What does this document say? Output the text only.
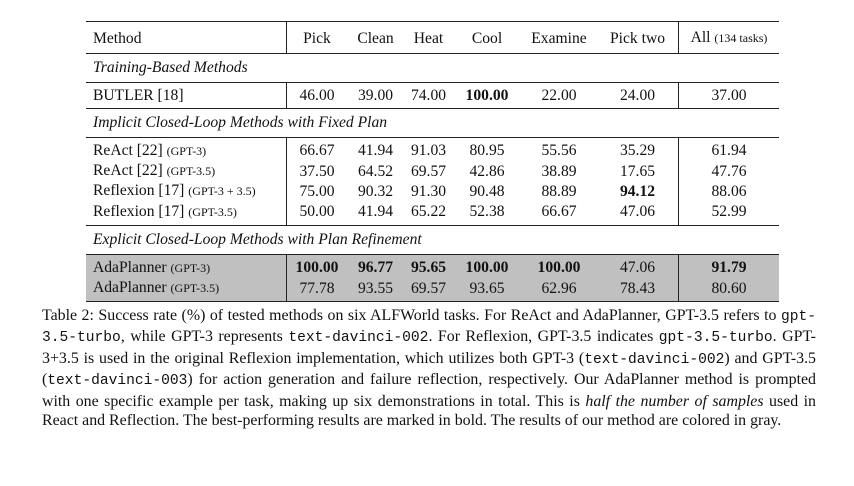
Method	Pick	Clean	Heat	Cool	Examine	Pick two	All (134 tasks)
Training-Based Methods							
BUTLER [18]	46.00	39.00	74.00	100.00	22.00	24.00	37.00
Implicit Closed-Loop Methods with Fixed Plan							
ReAct [22] (GPT-3)	66.67	41.94	91.03	80.95	55.56	35.29	61.94
ReAct [22] (GPT-3.5)	37.50	64.52	69.57	42.86	38.89	17.65	47.76
Reflexion [17] (GPT-3 + 3.5)	75.00	90.32	91.30	90.48	88.89	94.12	88.06
Reflexion [17] (GPT-3.5)	50.00	41.94	65.22	52.38	66.67	47.06	52.99
Explicit Closed-Loop Methods with Plan Refinement							
AdaPlanner (GPT-3)	100.00	96.77	95.65	100.00	100.00	47.06	91.79
AdaPlanner (GPT-3.5)	77.78	93.55	69.57	93.65	62.96	78.43	80.60
Table 2: Success rate (%) of tested methods on six ALFWorld tasks. For ReAct and AdaPlanner, GPT-3.5 refers to gpt-3.5-turbo, while GPT-3 represents text-davinci-002. For Reflexion, GPT-3.5 indicates gpt-3.5-turbo. GPT-3+3.5 is used in the original Reflexion implementation, which utilizes both GPT-3 (text-davinci-002) and GPT-3.5 (text-davinci-003) for action generation and failure reflection, respectively. Our AdaPlanner method is prompted with one specific example per task, making up six demonstrations in total. This is half the number of samples used in React and Reflection. The best-performing results are marked in bold. The results of our method are colored in gray.
